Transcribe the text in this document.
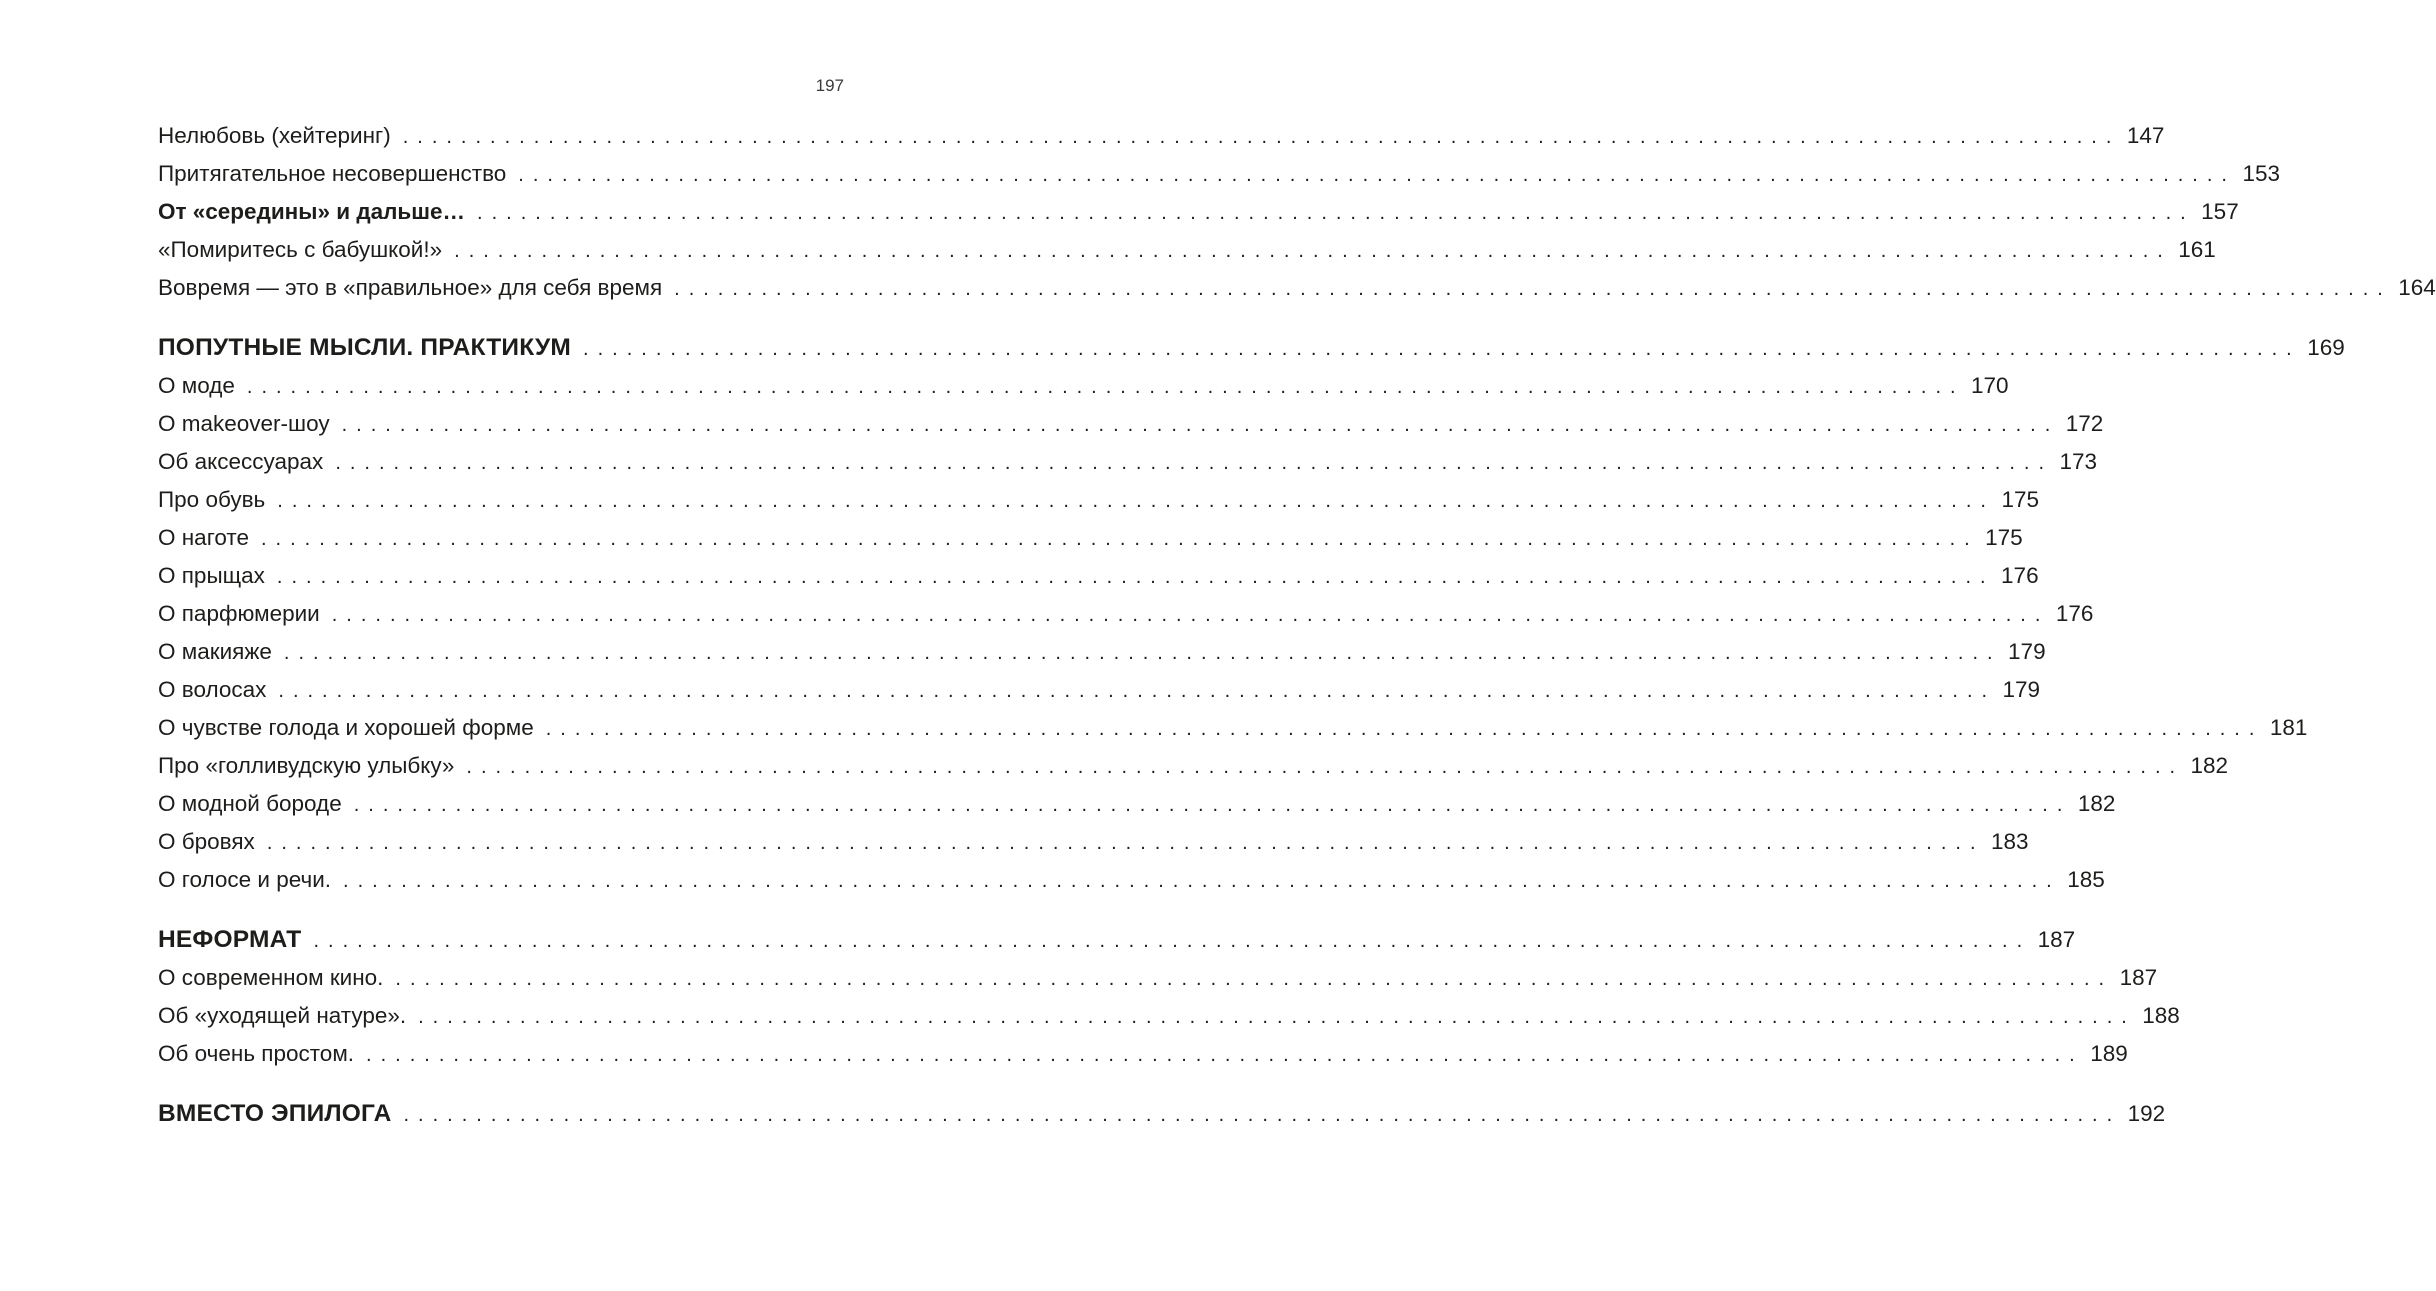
197
Нелюбовь (хейтеринг) ...................................................................................................................... 147
Притягательное несовершенство ...................................................................................................................... 153
От «середины» и дальше… ...................................................................................................................... 157
«Помиритесь с бабушкой!» ...................................................................................................................... 161
Вовремя — это в «правильное» для себя время ...................................................................................................................... 164
ПОПУТНЫЕ МЫСЛИ. ПРАКТИКУМ ...................................................................................................................... 169
О моде ...................................................................................................................... 170
О makeover-шоу ...................................................................................................................... 172
Об аксессуарах ...................................................................................................................... 173
Про обувь ...................................................................................................................... 175
О наготе ...................................................................................................................... 175
О прыщах ...................................................................................................................... 176
О парфюмерии ...................................................................................................................... 176
О макияже ...................................................................................................................... 179
О волосах ...................................................................................................................... 179
О чувстве голода и хорошей форме ...................................................................................................................... 181
Про «голливудскую улыбку» ...................................................................................................................... 182
О модной бороде ...................................................................................................................... 182
О бровях ...................................................................................................................... 183
О голосе и речи. ...................................................................................................................... 185
НЕФОРМАТ ...................................................................................................................... 187
О современном кино. ...................................................................................................................... 187
Об «уходящей натуре». ...................................................................................................................... 188
Об очень простом. ...................................................................................................................... 189
ВМЕСТО ЭПИЛОГА ...................................................................................................................... 192
